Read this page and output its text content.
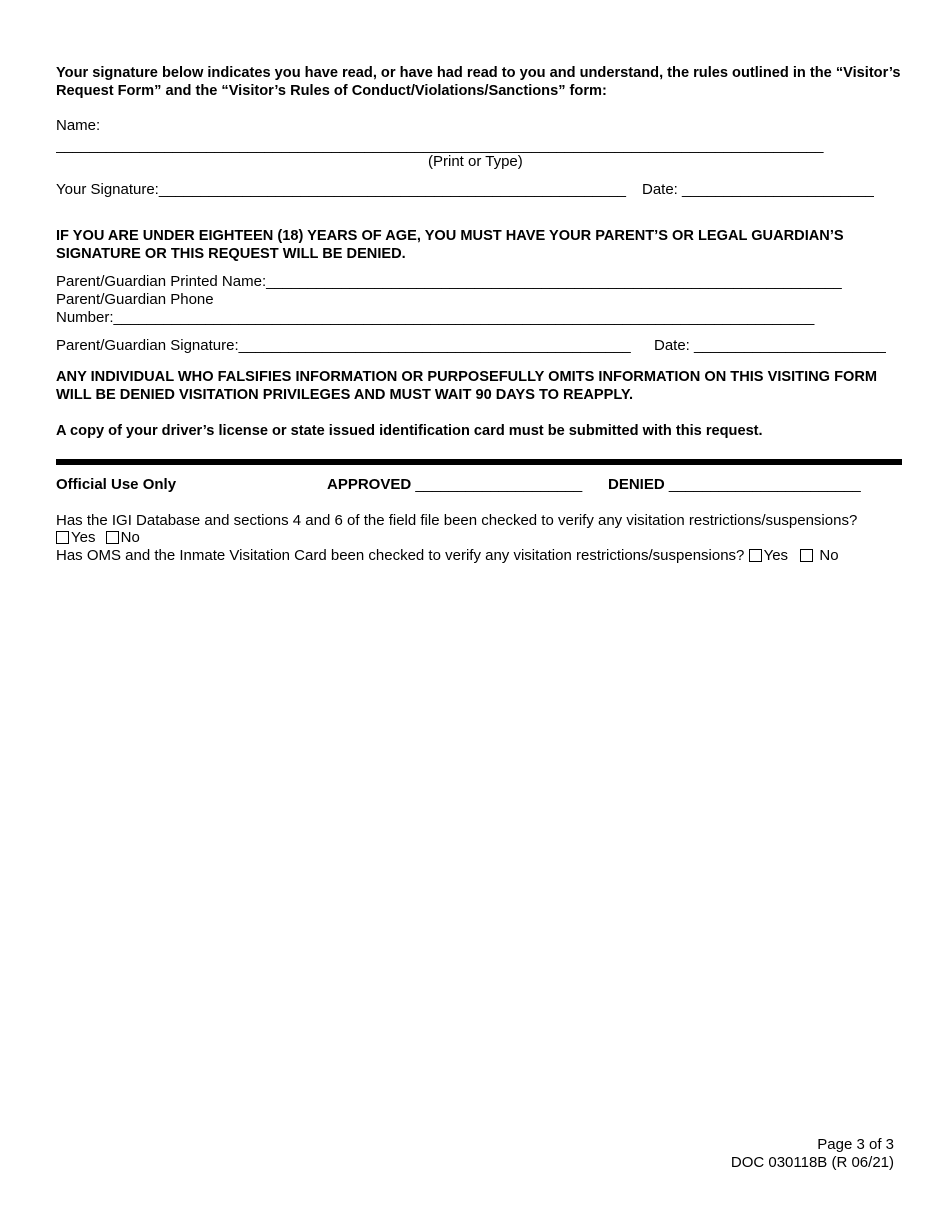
Your signature below indicates you have read, or have had read to you and understand, the rules outlined in the “Visitor’s Request Form” and the “Visitor’s Rules of Conduct/Violations/Sanctions” form:
Name:
____________________________________________________________________________________________
(Print or Type)
Your Signature:________________________________________________________ Date: _______________________
IF YOU ARE UNDER EIGHTEEN (18) YEARS OF AGE, YOU MUST HAVE YOUR PARENT’S OR LEGAL GUARDIAN’S SIGNATURE OR THIS REQUEST WILL BE DENIED.
Parent/Guardian Printed Name:_____________________________________________________________________
Parent/Guardian Phone
Number:____________________________________________________________________________________
Parent/Guardian Signature:_______________________________________________ Date: _______________________
ANY INDIVIDUAL WHO FALSIFIES INFORMATION OR PURPOSEFULLY OMITS INFORMATION ON THIS VISITING FORM WILL BE DENIED VISITATION PRIVILEGES AND MUST WAIT 90 DAYS TO REAPPLY.
A copy of your driver’s license or state issued identification card must be submitted with this request.
Official Use Only	APPROVED ____________________ DENIED _______________________
Has the IGI Database and sections 4 and 6 of the field file been checked to verify any visitation restrictions/suspensions?
Yes No
Has OMS and the Inmate Visitation Card been checked to verify any visitation restrictions/suspensions? Yes No
Page 3 of 3
DOC 030118B (R 06/21)
